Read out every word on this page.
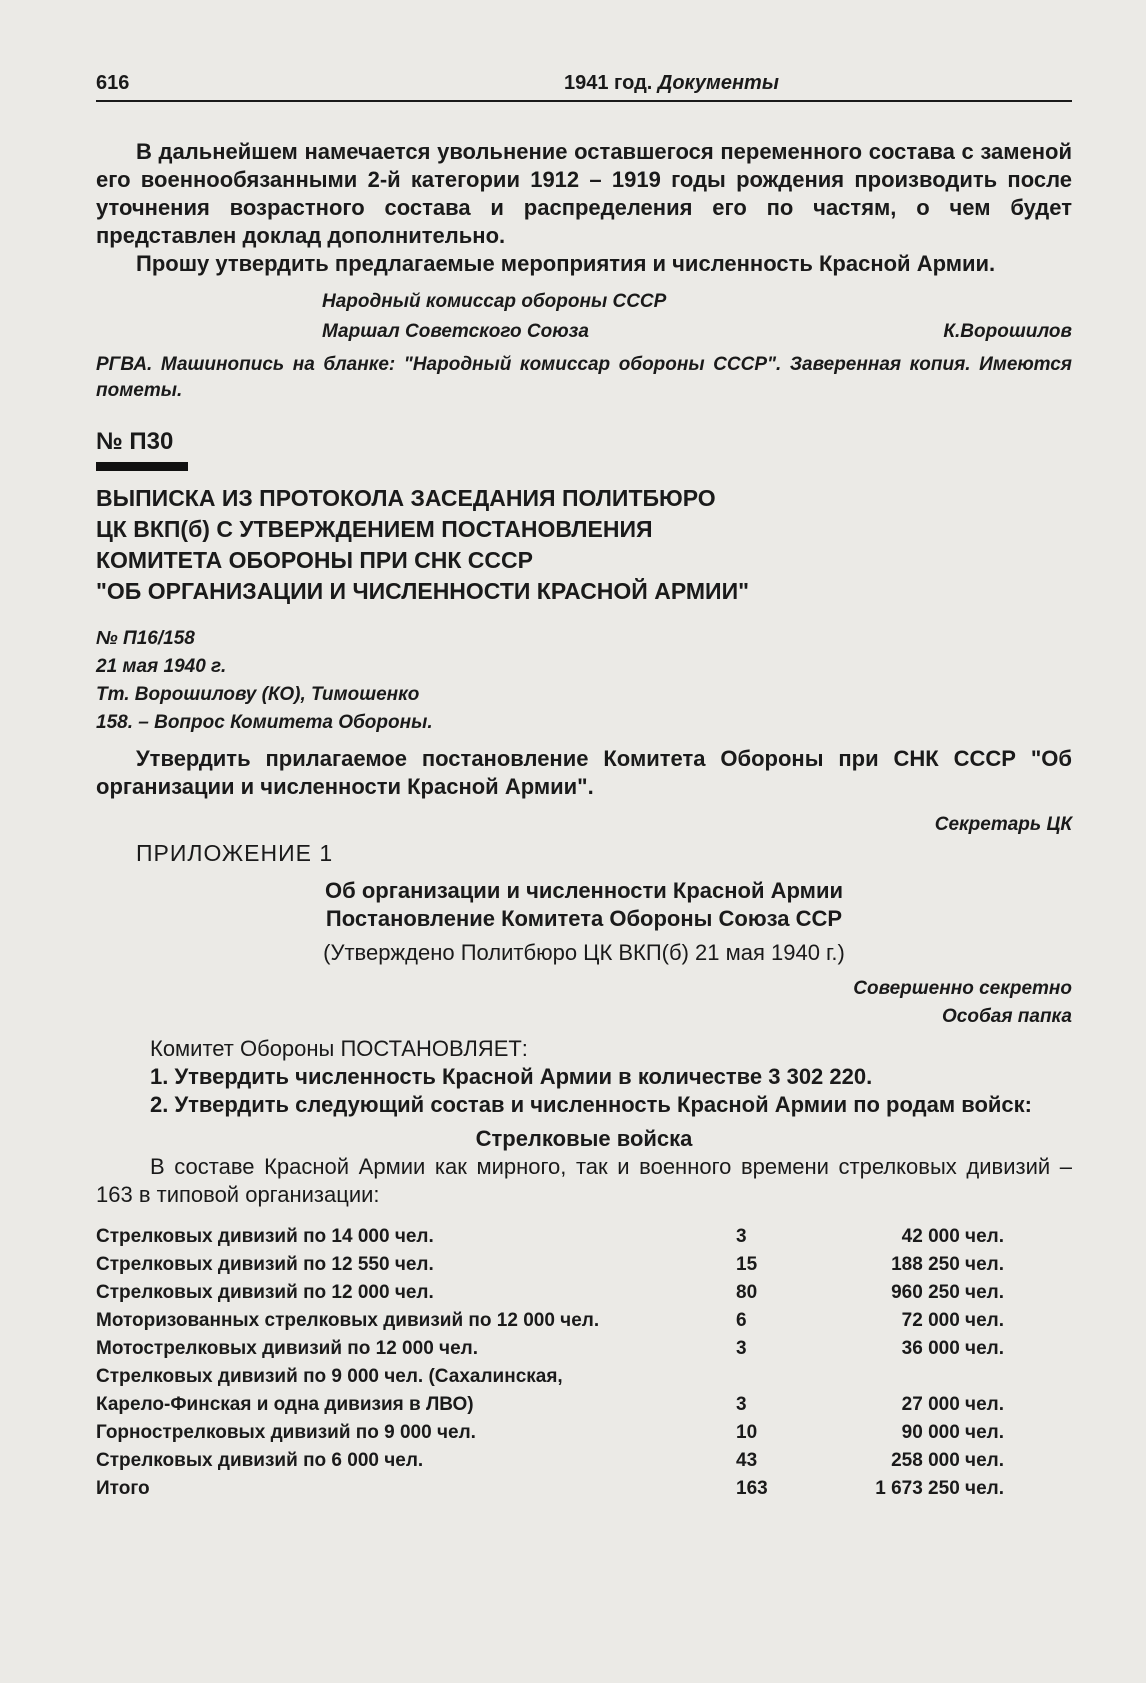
616	1941 год. Документы

В дальнейшем намечается увольнение оставшегося переменного состава с заменой его военнообязанными 2-й категории 1912 – 1919 годы рождения производить после уточнения возрастного состава и распределения его по частям, о чем будет представлен доклад дополнительно.

Прошу утвердить предлагаемые мероприятия и численность Красной Армии.

Народный комиссар обороны СССР
Маршал Советского Союза	К.Ворошилов

РГВА. Машинопись на бланке: "Народный комиссар обороны СССР". Заверенная копия. Имеются пометы.

№ П30
ВЫПИСКА ИЗ ПРОТОКОЛА ЗАСЕДАНИЯ ПОЛИТБЮРО
ЦК ВКП(б) С УТВЕРЖДЕНИЕМ ПОСТАНОВЛЕНИЯ
КОМИТЕТА ОБОРОНЫ ПРИ СНК СССР
"ОБ ОРГАНИЗАЦИИ И ЧИСЛЕННОСТИ КРАСНОЙ АРМИИ"
№ П16/158
21 мая 1940 г.
Тт. Ворошилову (КО), Тимошенко
158. – Вопрос Комитета Обороны.

Утвердить прилагаемое постановление Комитета Обороны при СНК СССР "Об организации и численности Красной Армии".

Секретарь ЦК
ПРИЛОЖЕНИЕ 1
Об организации и численности Красной Армии
Постановление Комитета Обороны Союза ССР
(Утверждено Политбюро ЦК ВКП(б) 21 мая 1940 г.)
Совершенно секретно
Особая папка
Комитет Обороны ПОСТАНОВЛЯЕТ:
1. Утвердить численность Красной Армии в количестве 3 302 220.

2. Утвердить следующий состав и численность Красной Армии по родам войск:

Стрелковые войска

В составе Красной Армии как мирного, так и военного времени стрелковых дивизий – 163 в типовой организации:

Стрелковых дивизий по 14 000 чел.	3	42 000 чел.
Стрелковых дивизий по 12 550 чел.	15	188 250 чел.
Стрелковых дивизий по 12 000 чел.	80	960 250 чел.
Моторизованных стрелковых дивизий по 12 000 чел.	6	72 000 чел.
Мотострелковых дивизий по 12 000 чел.	3	36 000 чел.
Стрелковых дивизий по 9 000 чел. (Сахалинская,		
Карело-Финская и одна дивизия в ЛВО)	3	27 000 чел.
Горнострелковых дивизий по 9 000 чел.	10	90 000 чел.
Стрелковых дивизий по 6 000 чел.	43	258 000 чел.
Итого	163	1 673 250 чел.
